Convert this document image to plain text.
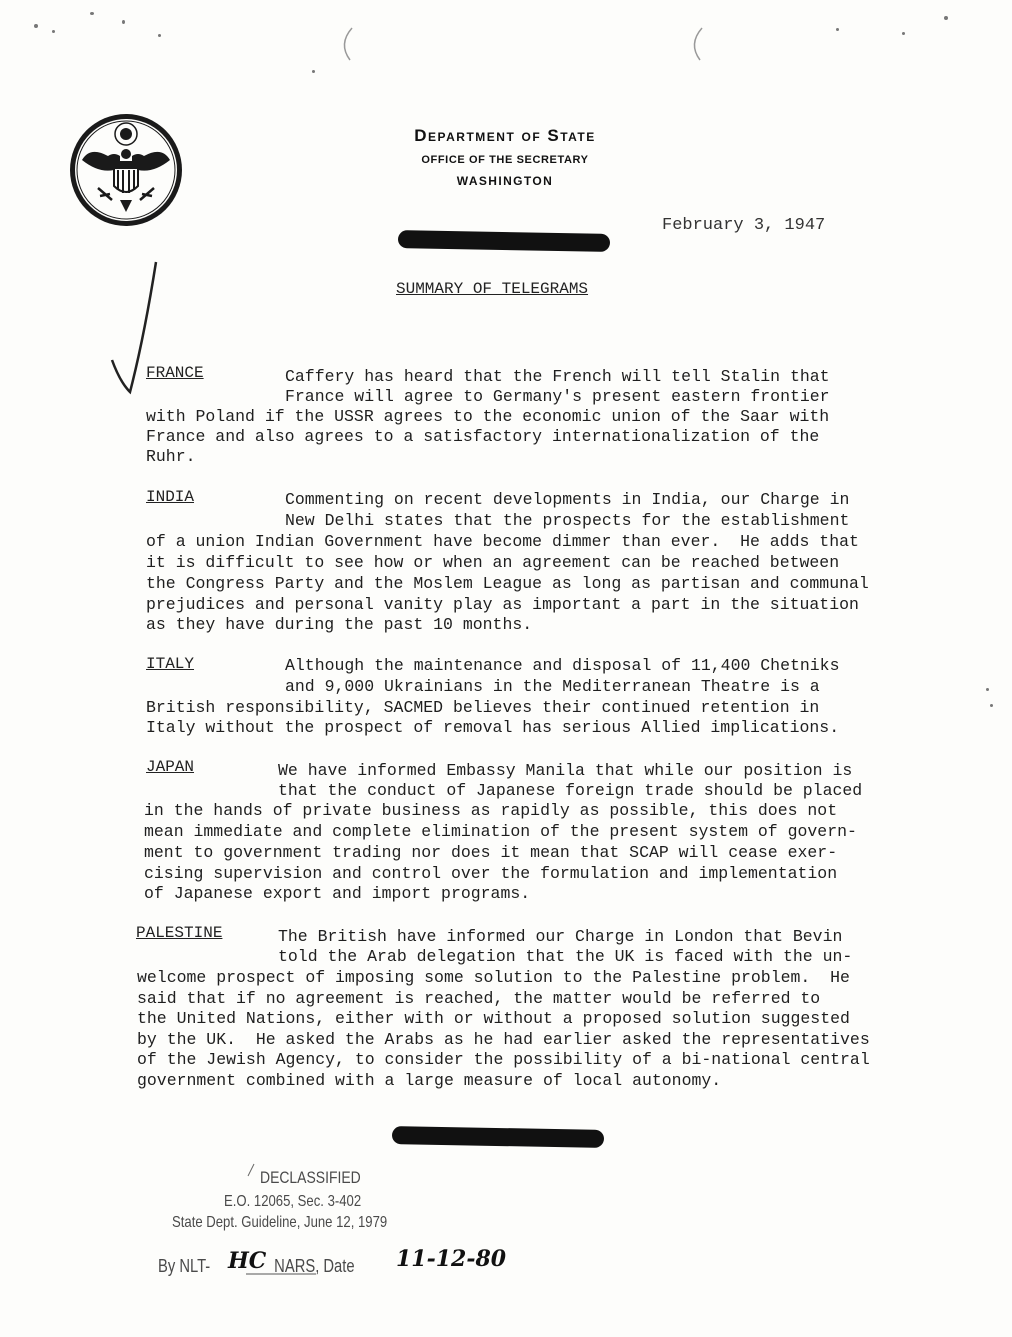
Department of State
OFFICE OF THE SECRETARY
WASHINGTON
February 3, 1947
SUMMARY OF TELEGRAMS
FRANCE	Caffery has heard that the French will tell Stalin that
France will agree to Germany's present eastern frontier
with Poland if the USSR agrees to the economic union of the Saar with
France and also agrees to a satisfactory internationalization of the
Ruhr.
INDIA	Commenting on recent developments in India, our Charge in
New Delhi states that the prospects for the establishment
of a union Indian Government have become dimmer than ever.  He adds that
it is difficult to see how or when an agreement can be reached between
the Congress Party and the Moslem League as long as partisan and communal
prejudices and personal vanity play as important a part in the situation
as they have during the past 10 months.
ITALY	Although the maintenance and disposal of 11,400 Chetniks
and 9,000 Ukrainians in the Mediterranean Theatre is a
British responsibility, SACMED believes their continued retention in
Italy without the prospect of removal has serious Allied implications.
JAPAN	We have informed Embassy Manila that while our position is
that the conduct of Japanese foreign trade should be placed
in the hands of private business as rapidly as possible, this does not
mean immediate and complete elimination of the present system of govern-
ment to government trading nor does it mean that SCAP will cease exer-
cising supervision and control over the formulation and implementation
of Japanese export and import programs.
PALESTINE	The British have informed our Charge in London that Bevin
told the Arab delegation that the UK is faced with the un-
welcome prospect of imposing some solution to the Palestine problem.  He
said that if no agreement is reached, the matter would be referred to
the United Nations, either with or without a proposed solution suggested
by the UK.  He asked the Arabs as he had earlier asked the representatives
of the Jewish Agency, to consider the possibility of a bi-national central
government combined with a large measure of local autonomy.
DECLASSIFIED
E.O. 12065, Sec. 3-402
State Dept. Guideline, June 12, 1979
By NLT-	NARS, Date
HC	11-12-80
